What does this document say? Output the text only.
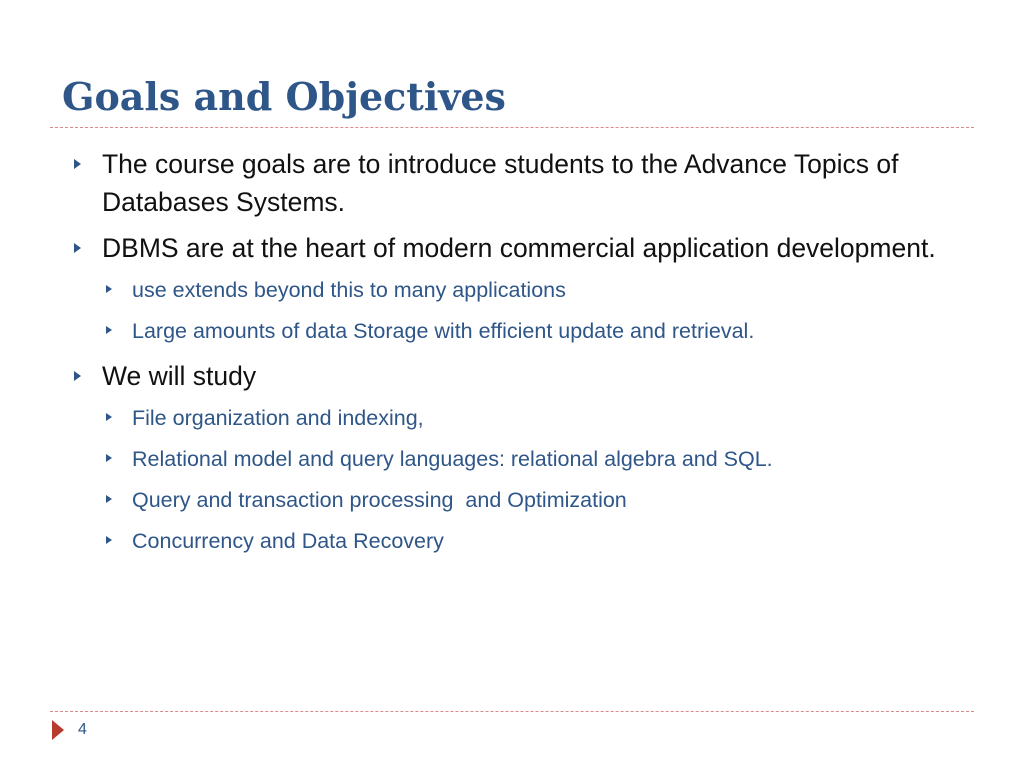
Goals and Objectives
The course goals are to introduce students to the Advance Topics of Databases Systems.
DBMS are at the heart of modern commercial application development.
use extends beyond this to many applications
Large amounts of data Storage with efficient update and retrieval.
We will study
File organization and indexing,
Relational model and query languages: relational algebra and SQL.
Query and transaction processing  and Optimization
Concurrency and Data Recovery
4
